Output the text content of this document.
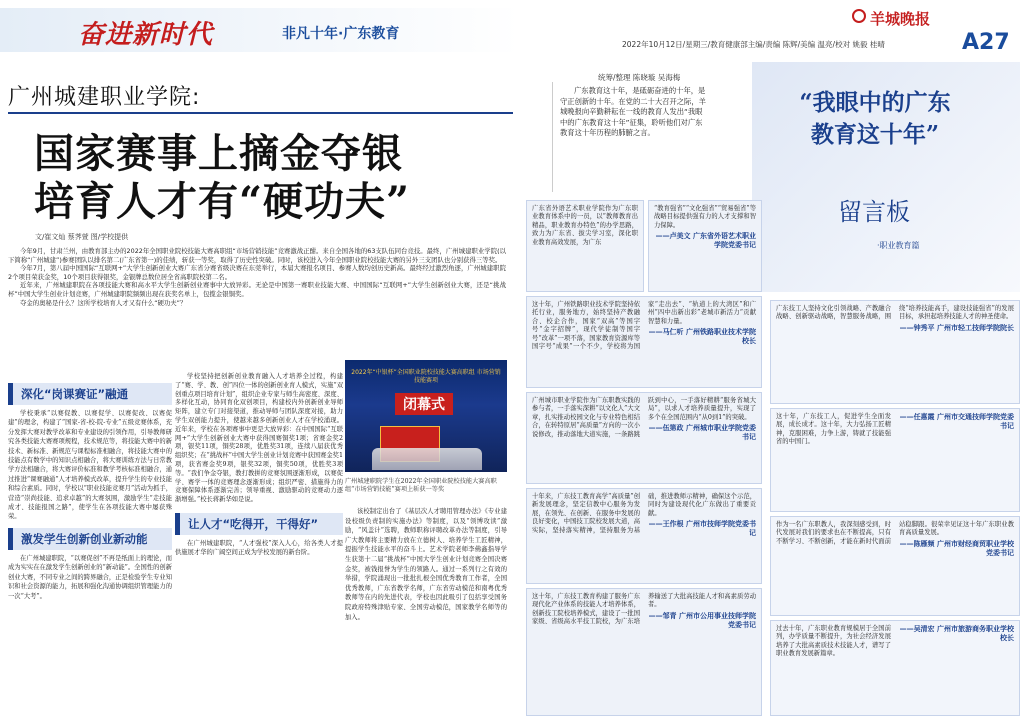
奋进新时代	非凡十年·广东教育
羊城晚报
2022年10月12日/星期三/教育健康部主编/责编 陈辉/美编 温亮/校对 姚毅 桂晴	A27
广州城建职业学院:
国家赛事上摘金夺银
培育人才有“硬功夫”
文/崔文灿 蔡荠萱 图/学校提供
今年9月，甘肃兰州，由教育部主办的2022年全国职业院校技能大赛高职组“市场营销技能”竞赛激战正酣。来自全国各地的63支队伍同台竞技。最终，广州城建职业学院(以下简称“广州城建”)参赛团队以排名第二(广东省第一)的佳绩，斩获一等奖，取得了历史性突破。同时，该校进入今年全国职业院校技能大赛的另外三支团队也分别获得三等奖。
今年7月，第八届中国国际“互联网+”大学生创新创业大赛广东省分赛省级决赛在东莞举行，本届大赛报名项目、参赛人数均创历史新高。最终经过激烈角逐，广州城建职院2个项目荣获金奖，10个项目获得银奖，金银牌总数位居全省高职院校第二名。
近年来，广州城建职院在各项技能大赛和高水平大学生创新创业赛事中大放异彩。无论是中国第一赛职业技能大赛、中国国际“互联网+”大学生创新创业大赛，还是“挑战杯”中国大学生创业计划竞赛，广州城建职院频频出现在获奖名单上，包揽金银铜奖。
夺金的奥秘是什么？这所学校培育人才又有什么“硬功夫”？
深化“岗课赛证”融通
学校秉承“以赛促教、以赛促学、以赛促改、以赛促建”的理念，构建了“国家-省-校-院-专业”五级竞赛体系，充分发挥大赛对教学改革和专业建设的引领作用，引导教师研究各类技能大赛赛项规程，技术规范等，将技能大赛中的新技术、新标准、新规范与课程标准相融合，将技能大赛中的技能点有数学中的知识点相融合，将大赛训练方法与日常教学方法相融合，将大赛评价标准和教学考核标准相融合，通过推进“课赛融通”人才培养模式改革，提升学生的专业技能和综合素质。同时，学校以“职业技能竞赛月”活动为抓手，营造“崇尚技能、追求卓越”的大赛氛围，激励学生“走技能成才、技能报国之路”，使学生在各项技能大赛中屡获殊荣。
激发学生创新创业新动能
在广州城建职院，“以赛促创”不再是纸面上的理论，而成为实实在在激发学生创新创业的“新动能”。全国性的创新创业大赛，不同专业之间的跨界融合，正是检验学生专业知识和社会资源的能力，拓展和强化沟通协调组织管理能力的一次“大考”。
学校坚持把创新创业教育融入人才培养全过程，构建了“赛、学、教、创”四位一体的创新创业育人模式，实施“双创重点项目培育计划”，组织企业专家与师生高密度、深度、多样化互动，协同育化双创项目，构建校内外创新创业导师矩阵，建立专门对接渠道，推动导师与团队深度对接，助力学生双创能力提升，使越来越多创新创业人才在学校涌现。近年来，学校在各项赛事中更是大放异彩：在中国国际“互联网+”大学生创新创业大赛中获得国赛铜奖1项；省赛金奖2项，银奖11项，铜奖28项，优胜奖31项，连续八届获优秀组织奖；在“挑战杯”中国大学生创业计划竞赛中获国赛金奖1项，获省赛金奖9项，银奖32项，铜奖50项，优胜奖3项等。“我们争金夺银，教打教拼的竞赛氛围逐渐形成，以赛促学、赛学一体的竞赛理念逐渐形成；组织严密、措施得力的竞赛保障体系逐渐完善；领导重视、激励驱动的竞赛动力逐渐增强。”校长蒋新华如是说。
让人才“吃得开，干得好”
在广州城建职院，“人才强校”深入人心，给各类人才提供施展才华的广阔空间正成为学校发展的新台阶。
2022年“中银杯”全国职业院校技能大赛高职组 市场营销技能赛项
闭幕式
广州城建职院学生在2022年全国职业院校技能大赛高职组“市场营销技能”赛项上斩获一等奖
该校制定出台了《基层次人才聘用管理办法》《专业建设校级负责制的实施办法》等制度，以及“领博攻读”激励，“风盖计”选聘，教师职称评聘改革办法等制度，引导广大教师将主要精力放在立德树人、培养学生工匠精神，提振学生技能水平的奋斗上。艺术学院老师李佛鑫指导学生获第十二届“挑战杯”中国大学生创业计划竞赛全国决赛金奖，被钱报誉为学生的领路人。通过一系列行之有效的举措，学院涌现出一批批扎根全国优秀教育工作者，全国优秀教师，广东省教学名师，广东省劳动模范和南粤优秀教师等在内的先进代表，学校也因此吸引了包括享受国务院政府特殊津贴专家、全国劳动模范，国家教学名师等的加入。
统筹/整理 陈晓璇 吴海梅
广东教育这十年，是砥砺奋进的十年，是守正创新的十年。在党的二十大召开之际，羊城晚报向辛勤耕耘在一线的教育人发出“我眼中的广东教育这十年”征集，聆听他们对广东教育这十年历程的肺腑之言。
“我眼中的广东
教育这十年”
留言板
·职业教育篇
广东省外语艺术职业学院作为广东职业教育体系中的一员，以“教师教育出精品，职业教育办特色”的办学思路，致力为广东省、拔尖学习室，深化职业教育高效发展，为广东
“教育强省”“文化强省”“贸易强省”等战略目标提供强有力的人才支撑和智力保障。
——卢美文 广东省外语艺术职业学院党委书记
这十年，广州铁路职业技术学院坚持依托行业，服务地方，始终坚持产教融合、校企合作，国家“双高”等国字号“金字招牌”，现代学徒制等国字号“改革”一项不落，国家教育资源库等国字号“成果”一个不少，学校将为国家“走出去”、“轨道上的大湾区”和广州“四中出新出彩”老城市新活力“贡献智慧和力量。
——马仁听 广州铁路职业技术学院校长
广州城市职业学院作为广东职教实践的参与者，一手落实深耕“以文化人”大文章，扎实推动校园文化与专业特色相结合，在转特原居“高质量”方向的一次小说修改，推动落地大道实施，一条路跳跃到中心，一手落好精耕“服务省城大局”，以求人才培养质量提升，实现了多个在全国范围内“从0到1”的突破。
——伍第政 广州城市职业学院党委书记
十年来，广东技工教育高学“高质量”创新发展理念，坚定信教中心服务为发展，在领先、在创新、在服务中发展的良好变化，中国技工院校发展大道，高实际，坚持落实精神，坚持服务为基础，推进教师示精神，确保这个示范，同时为建设现代化广东做出了重要贡献。
——王作根 广州市技师学院党委书记
这十年，广东技工教育构建了服务广东现代化产业体系的技能人才培养体系，创新技工院校培养模式，建设了一批国家级、省级高水平技工院校，为广东培养输送了大批高技能人才和高素质劳动者。
——邹青 广州市公用事业技师学院党委书记
广东技工人坚持文化引领战略、产教融合战略、创新驱动战略，智慧服务战略，围绕“培养技能高手，建设技能强省”的发展目标，承担起培养技能人才的神圣使命。
——钟秀平 广州市轻工技师学院院长
这十年，广东技工人，促进学生全面发展，成长成才。这十年，大力弘扬工匠精神，克服困难，力争上游，铸就了技能强省的中国门。
——任惠霞 广州市交通技师学院党委书记
作为一名广东职教人，我深刻感受到，时代发展对我们的要求也在不断提高，只有不断学习、不断创新，才能在新时代面前站稳脚跟。很荣幸见证这十年广东职业教育高质量发展。
——陈雁频 广州市财经商贸职业学校党委书记
过去十年，广东职业教育规模居于全国前列，办学质量不断提升，为社会经济发展培养了大批高素质技术技能人才，谱写了职业教育发展新篇章。
——吴清宏 广州市旅游商务职业学校校长
